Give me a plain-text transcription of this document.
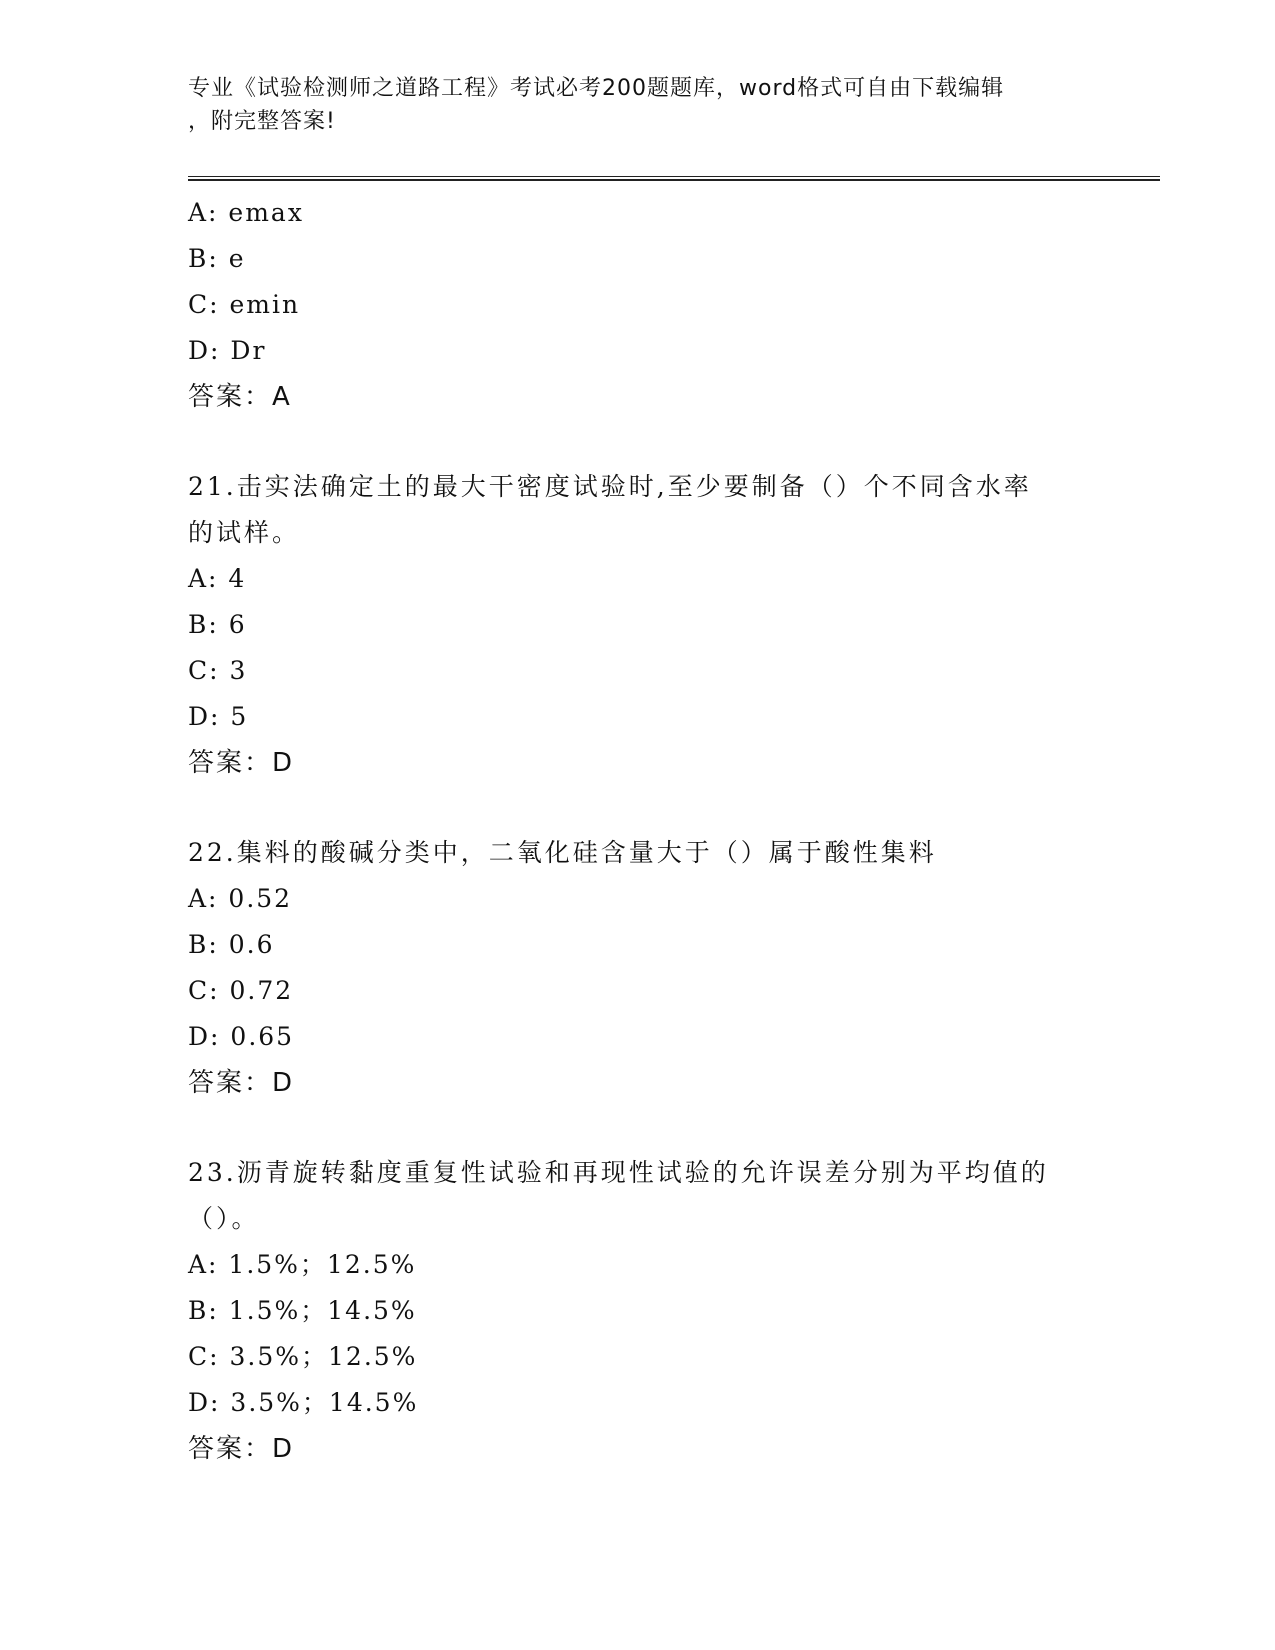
专业《试验检测师之道路工程》考试必考200题题库，word格式可自由下载编辑
，附完整答案!
A: emax
B: e
C: emin
D: Dr
答案：A
21.击实法确定土的最大干密度试验时,至少要制备（）个不同含水率
的试样。
A: 4
B: 6
C: 3
D: 5
答案：D
22.集料的酸碱分类中，二氧化硅含量大于（）属于酸性集料
A: 0.52
B: 0.6
C: 0.72
D: 0.65
答案：D
23.沥青旋转黏度重复性试验和再现性试验的允许误差分别为平均值的
（）。
A: 1.5%；12.5%
B: 1.5%；14.5%
C: 3.5%；12.5%
D: 3.5%；14.5%
答案：D
